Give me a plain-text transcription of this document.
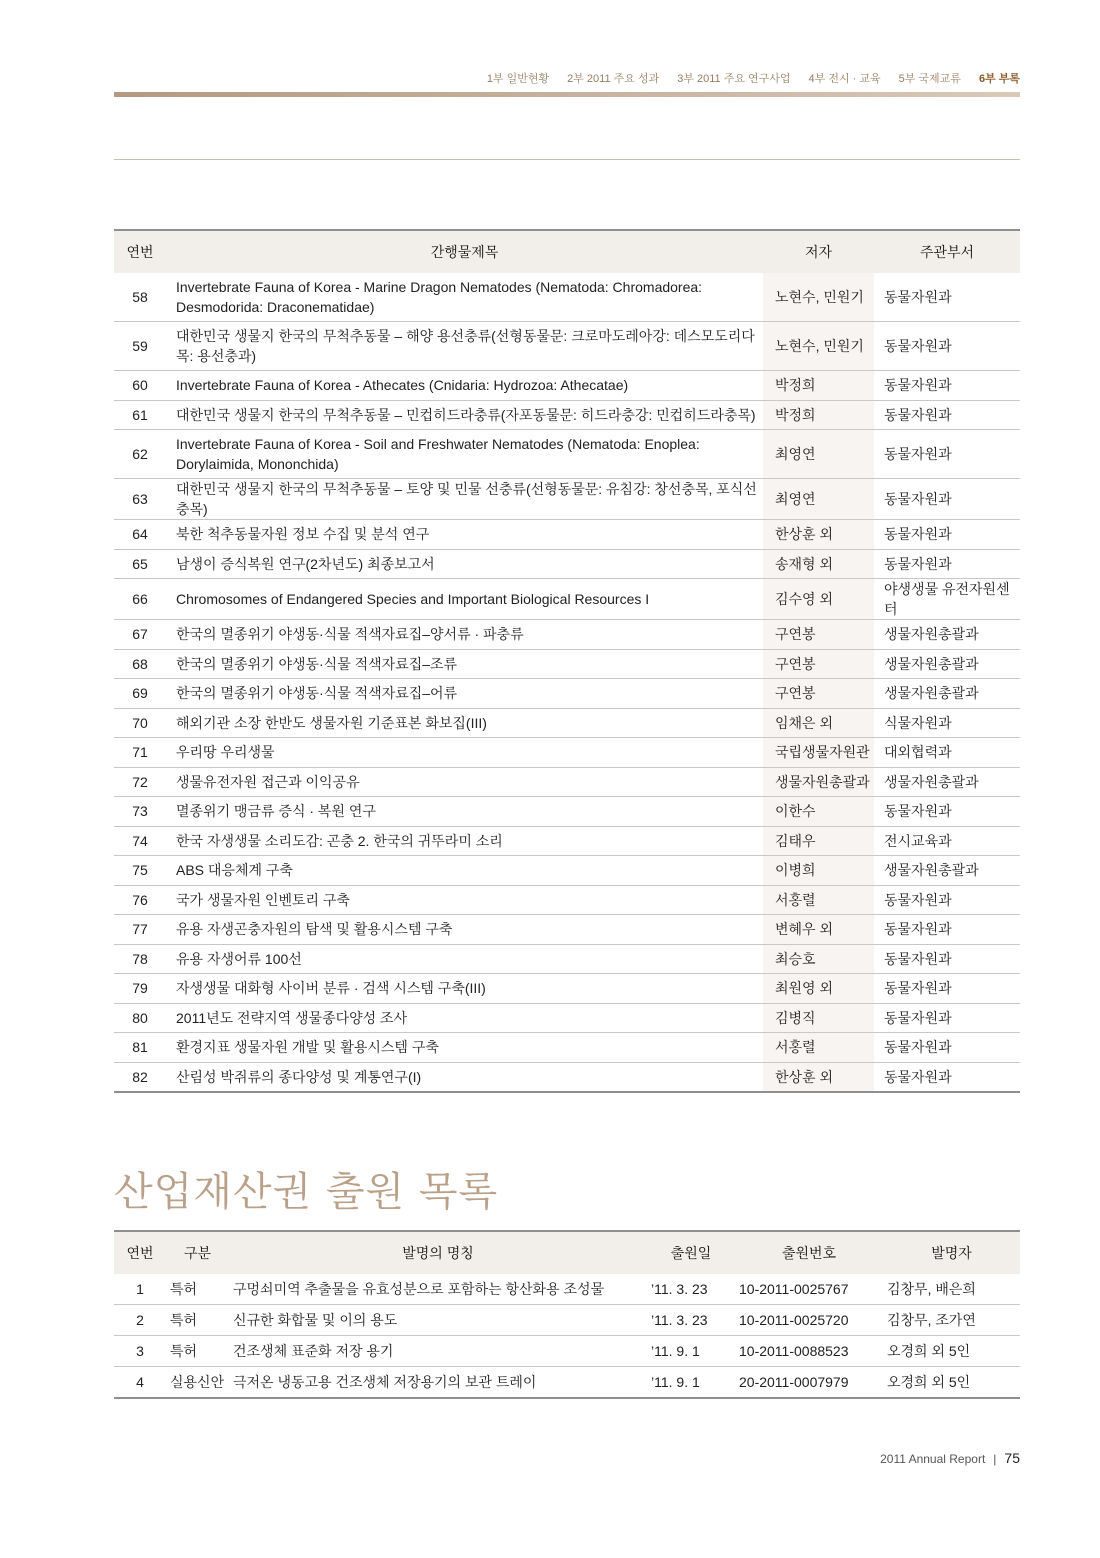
1부 일반현황 2부 2011 주요 성과 3부 2011 주요 연구사업 4부 전시 · 교육 5부 국제교류 6부 부록
연번	간행물제목	저자	주관부서
58	Invertebrate Fauna of Korea - Marine Dragon Nematodes (Nematoda: Chromadorea: Desmodorida: Draconematidae)	노현수, 민원기	동물자원과
59	대한민국 생물지 한국의 무척추동물 – 해양 용선충류(선형동물문: 크로마도레아강: 데스모도리다목: 용선충과)	노현수, 민원기	동물자원과
60	Invertebrate Fauna of Korea - Athecates (Cnidaria: Hydrozoa: Athecatae)	박정희	동물자원과
61	대한민국 생물지 한국의 무척추동물 – 민컵히드라충류(자포동물문: 히드라충강: 민컵히드라충목)	박정희	동물자원과
62	Invertebrate Fauna of Korea - Soil and Freshwater Nematodes (Nematoda: Enoplea: Dorylaimida, Mononchida)	최영연	동물자원과
63	대한민국 생물지 한국의 무척추동물 – 토양 및 민물 선충류(선형동물문: 유침강: 창선충목, 포식선충목)	최영연	동물자원과
64	북한 척추동물자원 정보 수집 및 분석 연구	한상훈 외	동물자원과
65	남생이 증식복원 연구(2차년도) 최종보고서	송재형 외	동물자원과
66	Chromosomes of Endangered Species and Important Biological Resources I	김수영 외	야생생물 유전자원센터
67	한국의 멸종위기 야생동·식물 적색자료집–양서류 · 파충류	구연봉	생물자원총괄과
68	한국의 멸종위기 야생동·식물 적색자료집–조류	구연봉	생물자원총괄과
69	한국의 멸종위기 야생동·식물 적색자료집–어류	구연봉	생물자원총괄과
70	해외기관 소장 한반도 생물자원 기준표본 화보집(III)	임채은 외	식물자원과
71	우리땅 우리생물	국립생물자원관	대외협력과
72	생물유전자원 접근과 이익공유	생물자원총괄과	생물자원총괄과
73	멸종위기 맹금류 증식 · 복원 연구	이한수	동물자원과
74	한국 자생생물 소리도감: 곤충 2. 한국의 귀뚜라미 소리	김태우	전시교육과
75	ABS 대응체계 구축	이병희	생물자원총괄과
76	국가 생물자원 인벤토리 구축	서홍렬	동물자원과
77	유용 자생곤충자원의 탐색 및 활용시스템 구축	변혜우 외	동물자원과
78	유용 자생어류 100선	최승호	동물자원과
79	자생생물 대화형 사이버 분류 · 검색 시스템 구축(III)	최원영 외	동물자원과
80	2011년도 전략지역 생물종다양성 조사	김병직	동물자원과
81	환경지표 생물자원 개발 및 활용시스템 구축	서홍렬	동물자원과
82	산림성 박쥐류의 종다양성 및 계통연구(I)	한상훈 외	동물자원과
산업재산권 출원 목록
연번	구분	발명의 명칭	출원일	출원번호	발명자
1	특허	구멍쇠미역 추출물을 유효성분으로 포함하는 항산화용 조성물	’11. 3. 23	10-2011-0025767	김창무, 배은희
2	특허	신규한 화합물 및 이의 용도	’11. 3. 23	10-2011-0025720	김창무, 조가연
3	특허	건조생체 표준화 저장 용기	’11. 9. 1	10-2011-0088523	오경희 외 5인
4	실용신안	극저온 냉동고용 건조생체 저장용기의 보관 트레이	’11. 9. 1	20-2011-0007979	오경희 외 5인
2011 Annual Report | 75
